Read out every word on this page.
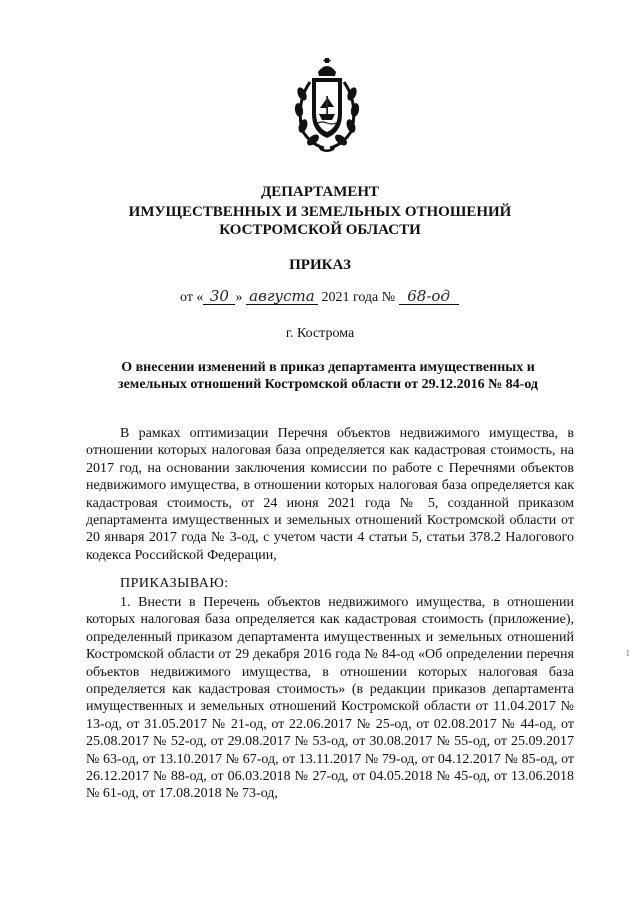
ДЕПАРТАМЕНТ
ИМУЩЕСТВЕННЫХ И ЗЕМЕЛЬНЫХ ОТНОШЕНИЙ
КОСТРОМСКОЙ ОБЛАСТИ
ПРИКАЗ
от « 30 » августа 2021 года № 68-од
г. Кострома
О внесении изменений в приказ департамента имущественных и земельных отношений Костромской области от 29.12.2016 № 84-од
В рамках оптимизации Перечня объектов недвижимого имущества, в отношении которых налоговая база определяется как кадастровая стоимость, на 2017 год, на основании заключения комиссии по работе с Перечнями объектов недвижимого имущества, в отношении которых налоговая база определяется как кадастровая стоимость, от 24 июня 2021 года № 5, созданной приказом департамента имущественных и земельных отношений Костромской области от 20 января 2017 года № 3-од, с учетом части 4 статьи 5, статьи 378.2 Налогового кодекса Российской Федерации,
ПРИКАЗЫВАЮ:
1. Внести в Перечень объектов недвижимого имущества, в отношении которых налоговая база определяется как кадастровая стоимость (приложение), определенный приказом департамента имущественных и земельных отношений Костромской области от 29 декабря 2016 года № 84-од «Об определении перечня объектов недвижимого имущества, в отношении которых налоговая база определяется как кадастровая стоимость» (в редакции приказов департамента имущественных и земельных отношений Костромской области от 11.04.2017 № 13-од, от 31.05.2017 № 21-од, от 22.06.2017 № 25-од, от 02.08.2017 № 44-од, от 25.08.2017 № 52-од, от 29.08.2017 № 53-од, от 30.08.2017 № 55-од, от 25.09.2017 № 63-од, от 13.10.2017 № 67-од, от 13.11.2017 № 79-од, от 04.12.2017 № 85-од, от 26.12.2017 № 88-од, от 06.03.2018 № 27-од, от 04.05.2018 № 45-од, от 13.06.2018 № 61-од, от 17.08.2018 № 73-од,
1
